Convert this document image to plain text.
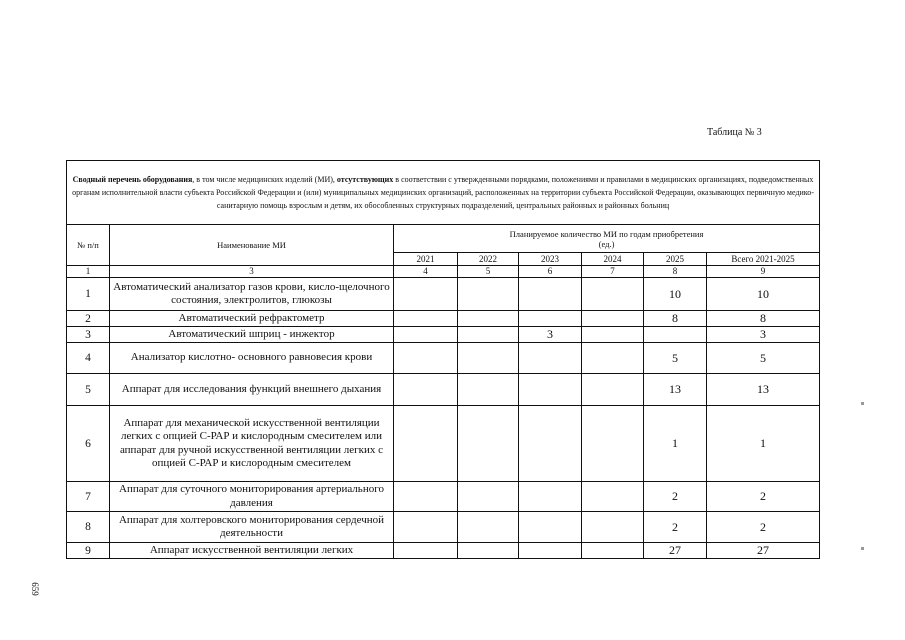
Таблица № 3
Сводный перечень оборудования, в том числе медицинских изделий (МИ), отсутствующих в соответствии с утвержденными порядками, положениями и правилами в медицинских организациях, подведомственных органам исполнительной власти субъекта Российской Федерации и (или) муниципальных медицинских организаций, расположенных на территории субъекта Российской Федерации, оказывающих первичную медико-санитарную помощь взрослым и детям, их обособленных структурных подразделений, центральных районных и районных больниц							
№ п/п	Наименование МИ	Планируемое количество МИ по годам приобретения
(ед.)					
		2021	2022	2023	2024	2025	Всего 2021-2025
1	3	4	5	6	7	8	9
1	Автоматический анализатор газов крови, кисло-щелочного состояния, электролитов, глюкозы					10	10
2	Автоматический рефрактометр					8	8
3	Автоматический шприц - инжектор			3			3
4	Анализатор кислотно- основного равновесия крови					5	5
5	Аппарат для исследования функций внешнего дыхания					13	13
6	Аппарат для механической искусственной вентиляции легких с опцией С-РАР и кислородным смесителем или аппарат для ручной искусственной вентиляции легких с опцией С-РАР и кислородным смесителем					1	1
7	Аппарат для суточного мониторирования артериального давления					2	2
8	Аппарат для холтеровского мониторирования сердечной деятельности					2	2
9	Аппарат искусственной вентиляции легких					27	27
659
